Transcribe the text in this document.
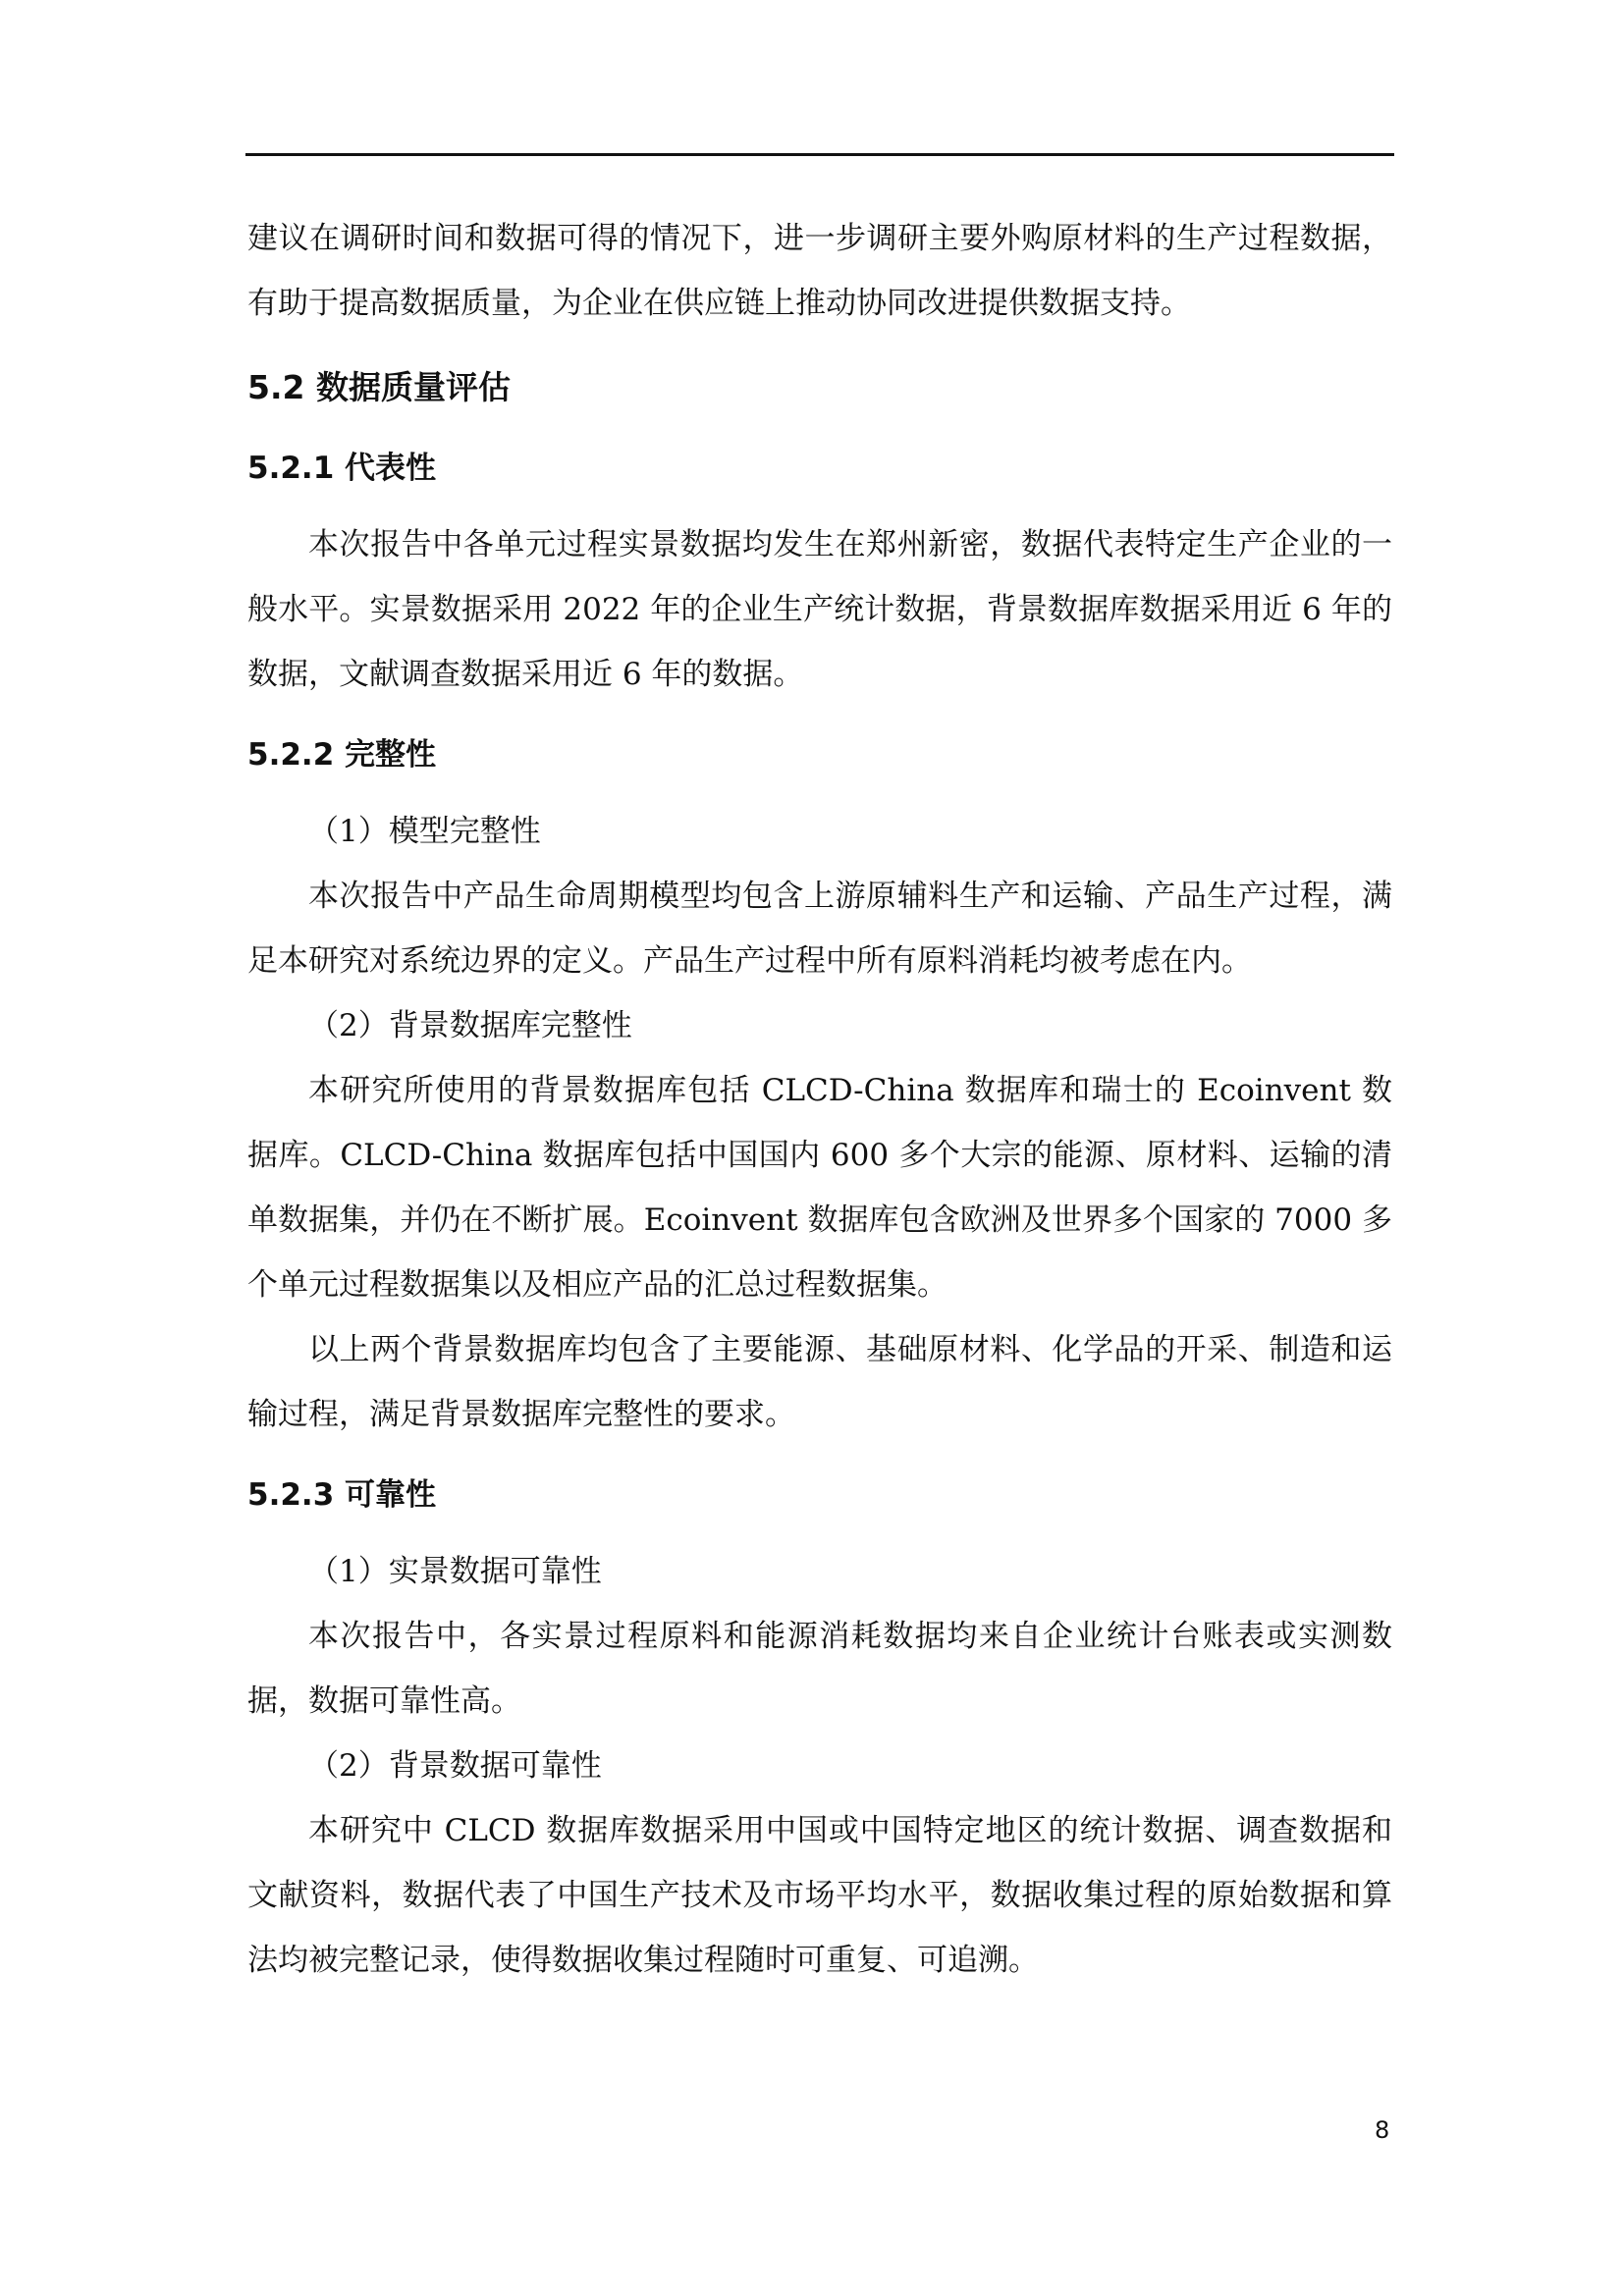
建议在调研时间和数据可得的情况下，进一步调研主要外购原材料的生产过程数据，有助于提高数据质量，为企业在供应链上推动协同改进提供数据支持。

5.2 数据质量评估
5.2.1 代表性

本次报告中各单元过程实景数据均发生在郑州新密，数据代表特定生产企业的一般水平。实景数据采用 2022 年的企业生产统计数据，背景数据库数据采用近 6 年的数据，文献调查数据采用近 6 年的数据。

5.2.2 完整性

（1）模型完整性

本次报告中产品生命周期模型均包含上游原辅料生产和运输、产品生产过程，满足本研究对系统边界的定义。产品生产过程中所有原料消耗均被考虑在内。

（2）背景数据库完整性

本研究所使用的背景数据库包括 CLCD-China 数据库和瑞士的 Ecoinvent 数据库。CLCD-China 数据库包括中国国内 600 多个大宗的能源、原材料、运输的清单数据集，并仍在不断扩展。Ecoinvent 数据库包含欧洲及世界多个国家的 7000 多个单元过程数据集以及相应产品的汇总过程数据集。

以上两个背景数据库均包含了主要能源、基础原材料、化学品的开采、制造和运输过程，满足背景数据库完整性的要求。

5.2.3 可靠性

（1）实景数据可靠性

本次报告中，各实景过程原料和能源消耗数据均来自企业统计台账表或实测数据，数据可靠性高。

（2）背景数据可靠性

本研究中 CLCD 数据库数据采用中国或中国特定地区的统计数据、调查数据和文献资料，数据代表了中国生产技术及市场平均水平，数据收集过程的原始数据和算法均被完整记录，使得数据收集过程随时可重复、可追溯。

8
